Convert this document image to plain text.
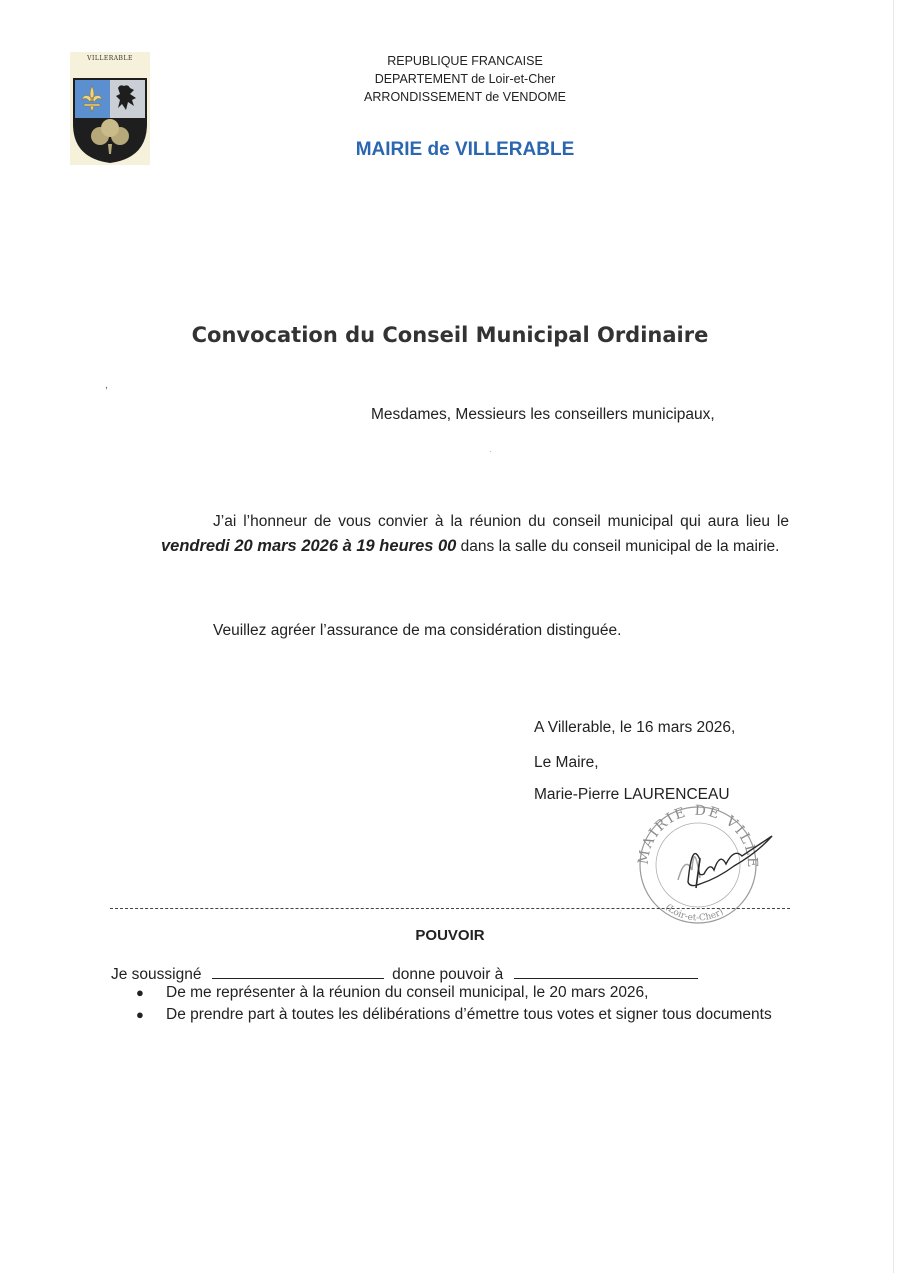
VILLERABLE	REPUBLIQUE FRANCAISE
DEPARTEMENT de Loir-et-Cher
ARRONDISSEMENT de VENDOME
MAIRIE de VILLERABLE
Convocation du Conseil Municipal Ordinaire
,
·
Mesdames, Messieurs les conseillers municipaux,
J’ai l’honneur de vous convier à la réunion du conseil municipal qui aura lieu le vendredi 20 mars 2026 à 19 heures 00 dans la salle du conseil municipal de la mairie.
Veuillez agréer l’assurance de ma considération distinguée.
A Villerable, le 16 mars 2026,
Le Maire,
Marie-Pierre LAURENCEAU
MAIRIE DE VILLE
(Loir-et-Cher)
POUVOIR
Je soussigné	donne pouvoir à
● De me représenter à la réunion du conseil municipal, le 20 mars 2026,
● De prendre part à toutes les délibérations d’émettre tous votes et signer tous documents
